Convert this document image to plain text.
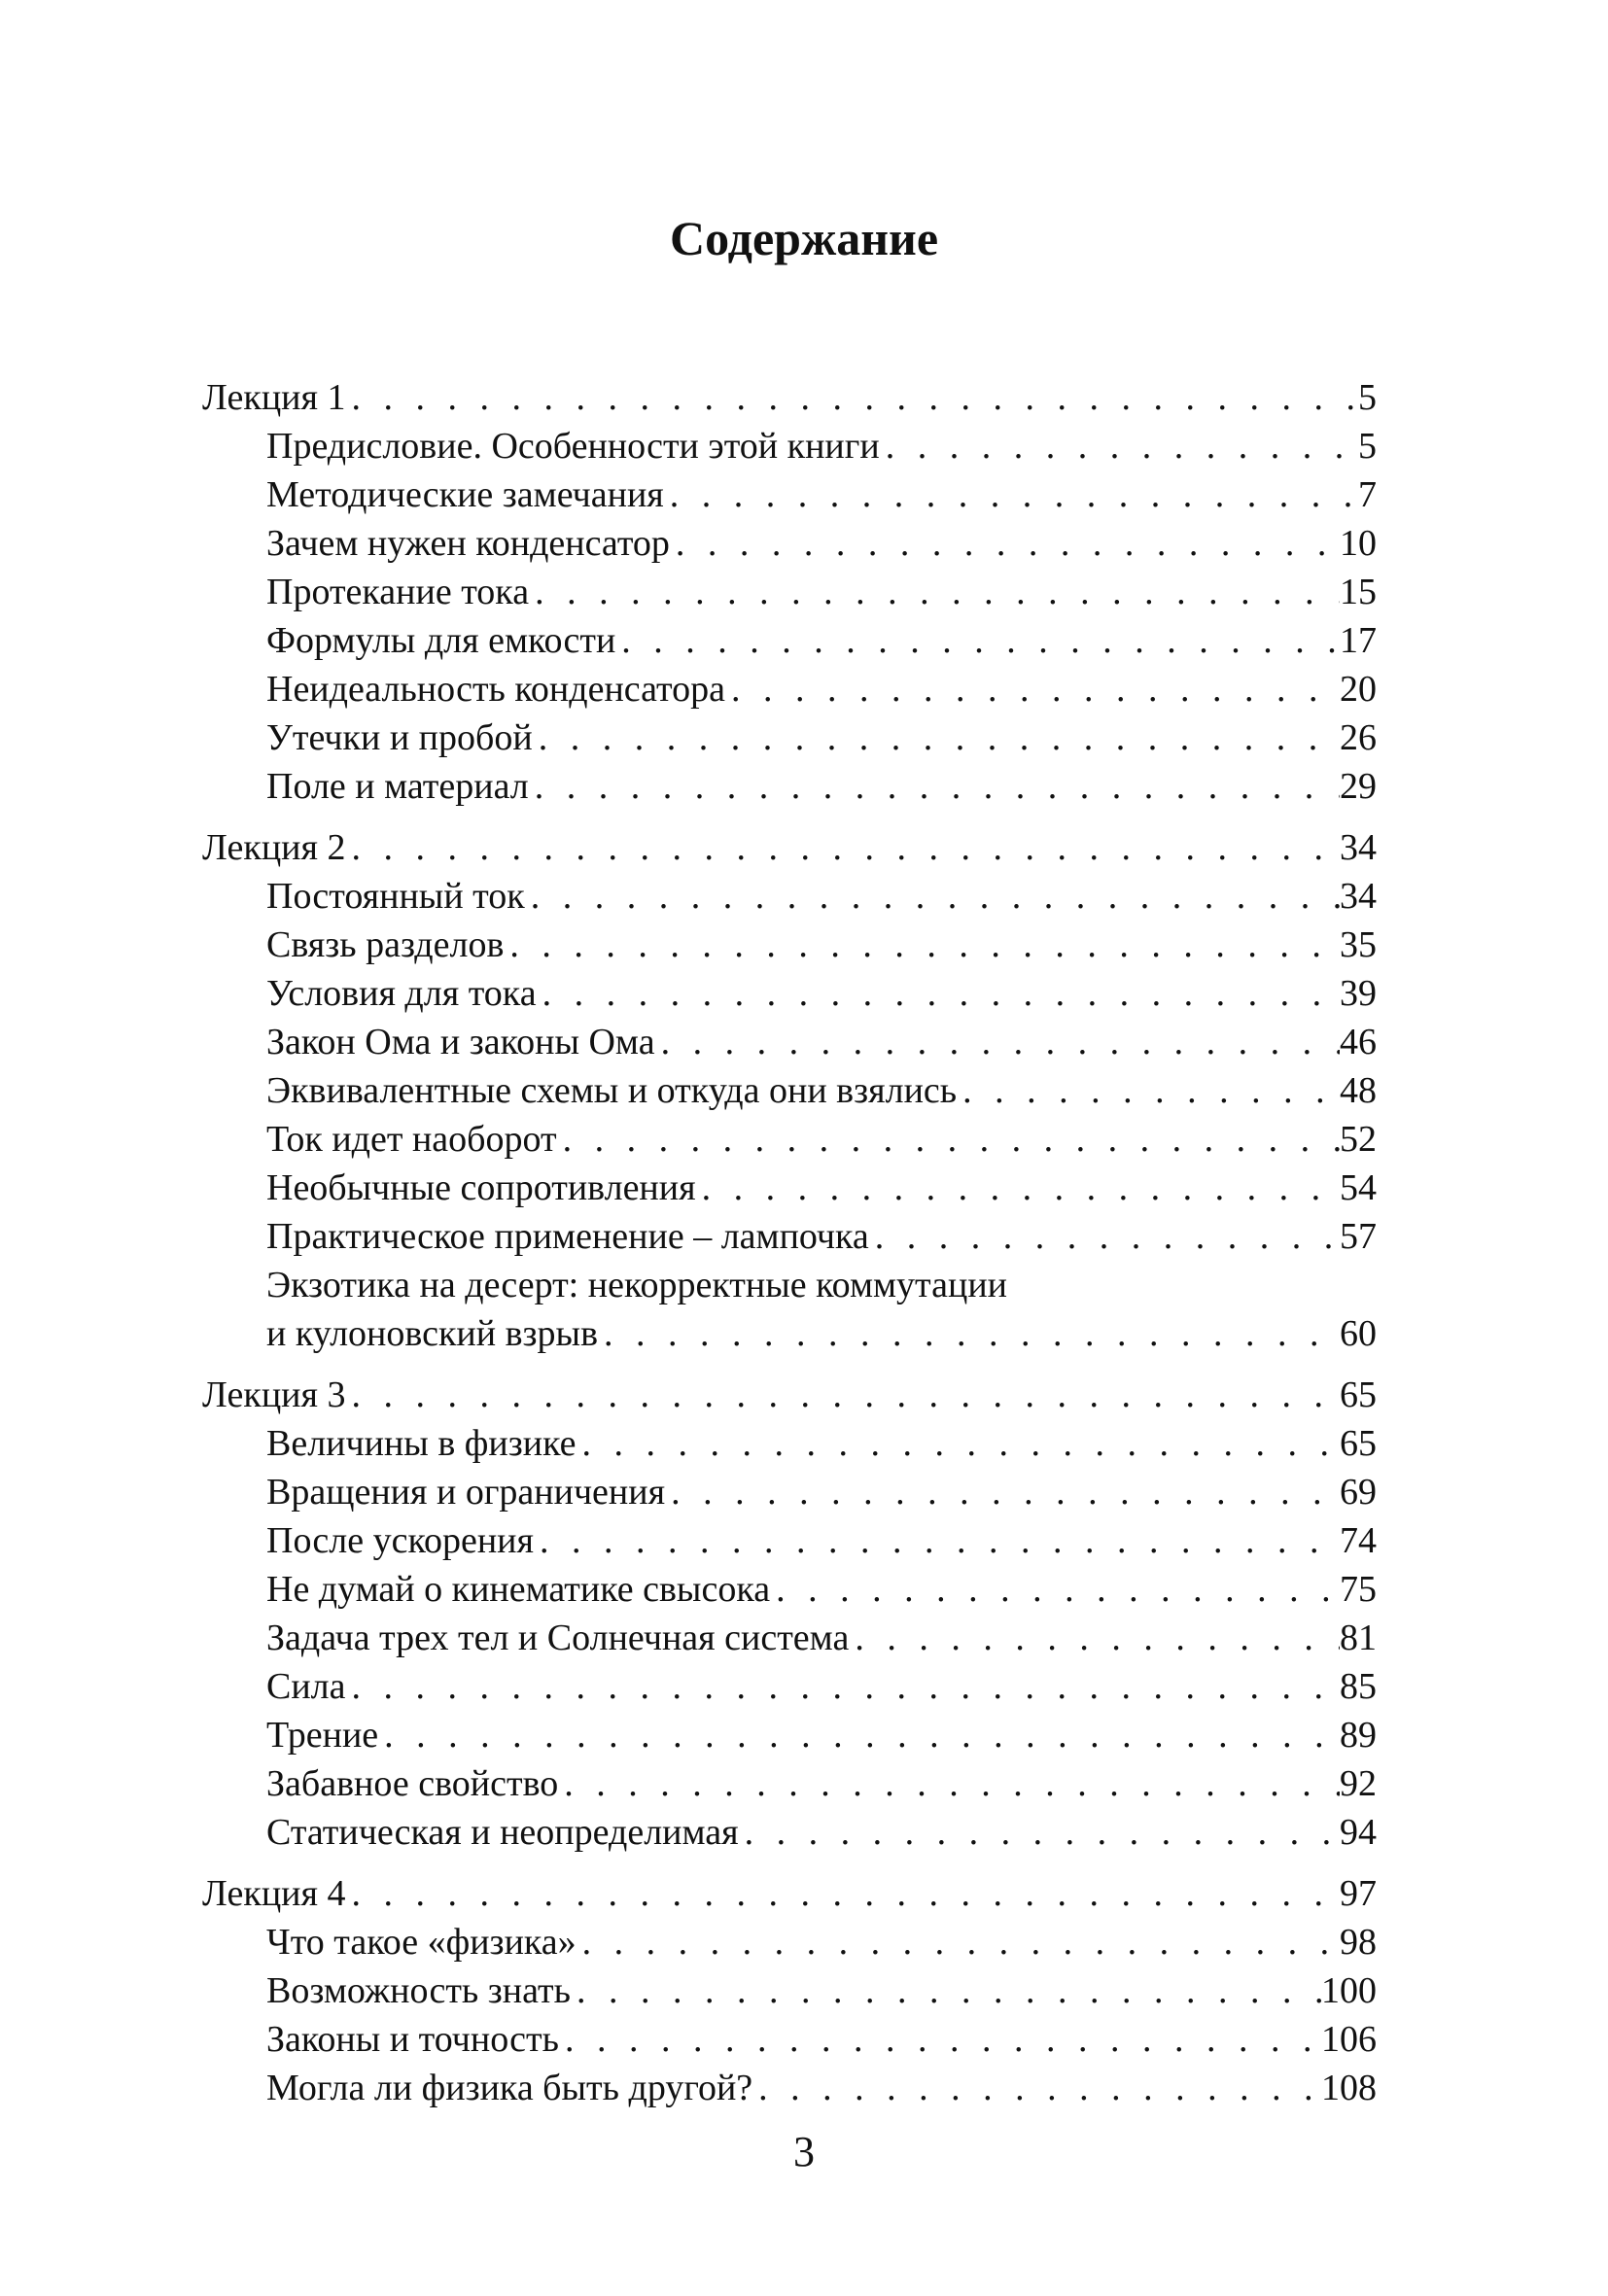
Содержание
Лекция 1 . . .	5
Предисловие. Особенности этой книги . . .	5
Методические замечания . . .	7
Зачем нужен конденсатор . . .	10
Протекание тока . . .	15
Формулы для емкости . . .	17
Неидеальность конденсатора . . .	20
Утечки и пробой . . .	26
Поле и материал . . .	29
Лекция 2 . . .	34
Постоянный ток . . .	34
Связь разделов . . .	35
Условия для тока . . .	39
Закон Ома и законы Ома . . .	46
Эквивалентные схемы и откуда они взялись . . .	48
Ток идет наоборот . . .	52
Необычные сопротивления . . .	54
Практическое применение – лампочка . . .	57
Экзотика на десерт: некорректные коммутации
и кулоновский взрыв . . .	60
Лекция 3 . . .	65
Величины в физике . . .	65
Вращения и ограничения . . .	69
После ускорения . . .	74
Не думай о кинематике свысока . . .	75
Задача трех тел и Солнечная система . . .	81
Сила . . .	85
Трение . . .	89
Забавное свойство . . .	92
Статическая и неопределимая . . .	94
Лекция 4 . . .	97
Что такое «физика» . . .	98
Возможность знать . . .	100
Законы и точность . . .	106
Могла ли физика быть другой? . . .	108
3
